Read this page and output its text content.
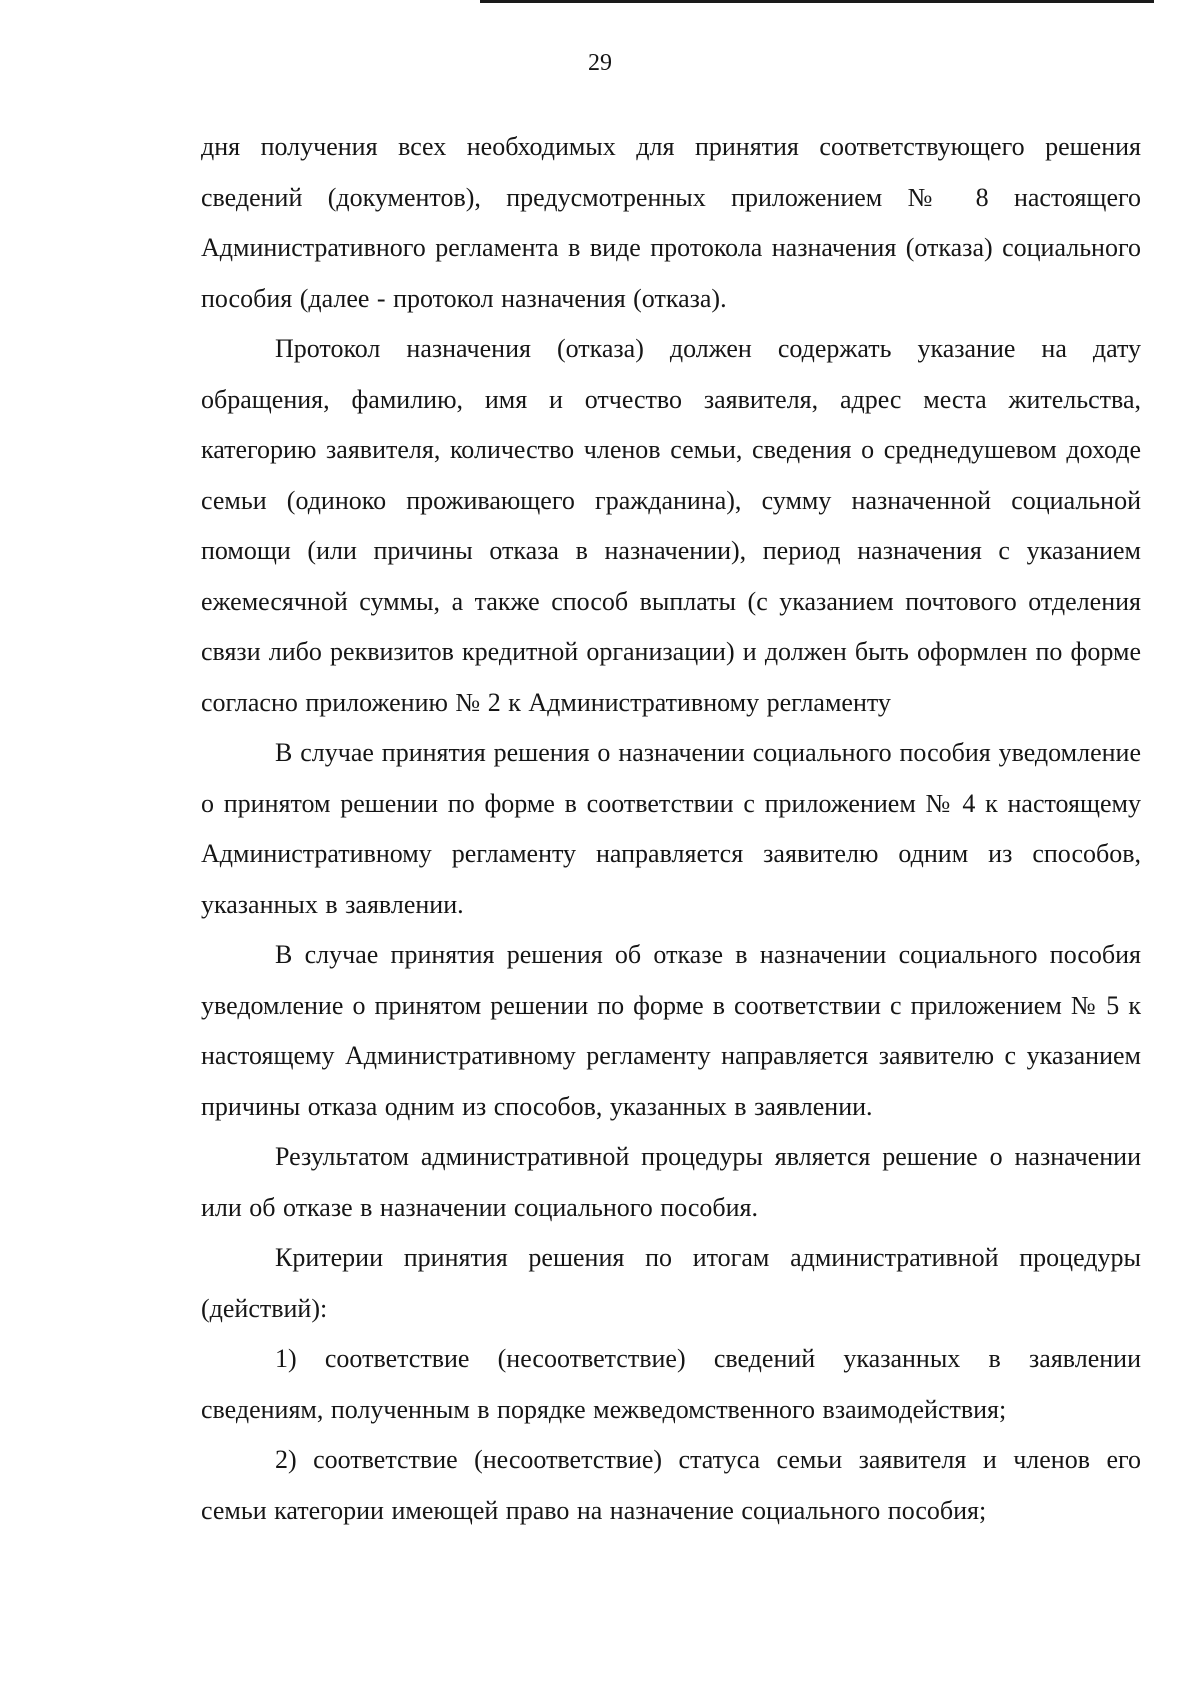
29

дня получения всех необходимых для принятия соответствующего решения сведений (документов), предусмотренных приложением № 8 настоящего Административного регламента в виде протокола назначения (отказа) социального пособия (далее - протокол назначения (отказа).

Протокол назначения (отказа) должен содержать указание на дату обращения, фамилию, имя и отчество заявителя, адрес места жительства, категорию заявителя, количество членов семьи, сведения о среднедушевом доходе семьи (одиноко проживающего гражданина), сумму назначенной социальной помощи (или причины отказа в назначении), период назначения с указанием ежемесячной суммы, а также способ выплаты (с указанием почтового отделения связи либо реквизитов кредитной организации) и должен быть оформлен по форме согласно приложению № 2 к Административному регламенту

В случае принятия решения о назначении социального пособия уведомление о принятом решении по форме в соответствии с приложением № 4 к настоящему Административному регламенту направляется заявителю одним из способов, указанных в заявлении.

В случае принятия решения об отказе в назначении социального пособия уведомление о принятом решении по форме в соответствии с приложением № 5 к настоящему Административному регламенту направляется заявителю с указанием причины отказа одним из способов, указанных в заявлении.

Результатом административной процедуры является решение о назначении или об отказе в назначении социального пособия.

Критерии принятия решения по итогам административной процедуры (действий):

1) соответствие (несоответствие) сведений указанных в заявлении сведениям, полученным в порядке межведомственного взаимодействия;

2) соответствие (несоответствие) статуса семьи заявителя и членов его семьи категории имеющей право на назначение социального пособия;
